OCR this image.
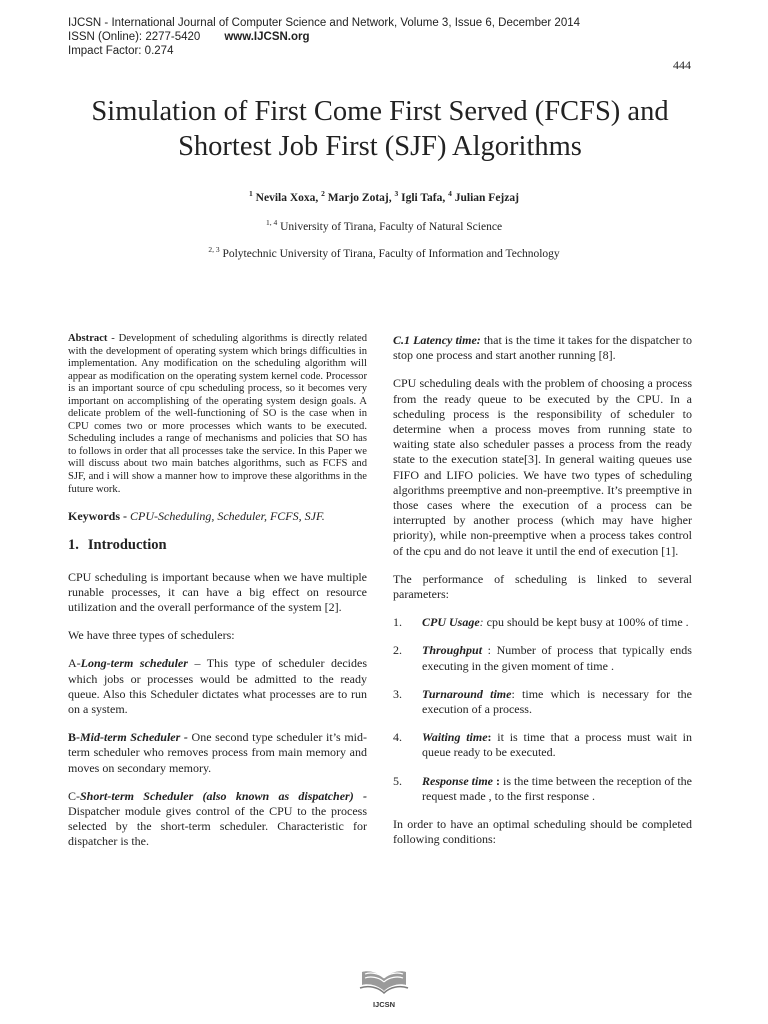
IJCSN - International Journal of Computer Science and Network, Volume 3, Issue 6, December 2014
ISSN (Online): 2277-5420 www.IJCSN.org
Impact Factor: 0.274
444
Simulation of First Come First Served (FCFS) and
Shortest Job First (SJF) Algorithms
$^1$ Nevila Xoxa, $^2$ Marjo Zotaj, $^3$ Igli Tafa, $^4$ Julian Fejzaj
$^{1, 4}$ University of Tirana, Faculty of Natural Science
$^{2, 3}$ Polytechnic University of Tirana, Faculty of Information and Technology

Abstract - Development of scheduling algorithms is directly related with the development of operating system which brings difficulties in implementation. Any modification on the scheduling algorithm will appear as modification on the operating system kernel code. Processor is an important source of cpu scheduling process, so it becomes very important on accomplishing of the operating system design goals. A delicate problem of the well-functioning of SO is the case when in CPU comes two or more processes which wants to be executed. Scheduling includes a range of mechanisms and policies that SO has to follows in order that all processes take the service. In this Paper we will discuss about two main batches algorithms, such as FCFS and SJF, and i will show a manner how to improve these algorithms in the future work.

Keywords - CPU-Scheduling, Scheduler, FCFS, SJF.

1. Introduction

CPU scheduling is important because when we have multiple runable processes, it can have a big effect on resource utilization and the overall performance of the system [2].

We have three types of schedulers:

A-Long-term scheduler – This type of scheduler decides which jobs or processes would be admitted to the ready queue. Also this Scheduler dictates what processes are to run on a system.

B-Mid-term Scheduler - One second type scheduler it’s mid-term scheduler who removes process from main memory and moves on secondary memory.

C-Short-term Scheduler (also known as dispatcher) - Dispatcher module gives control of the CPU to the process selected by the short-term scheduler. Characteristic for dispatcher is the.

C.1 Latency time: that is the time it takes for the dispatcher to stop one process and start another running [8].

CPU scheduling deals with the problem of choosing a process from the ready queue to be executed by the CPU. In a scheduling process is the responsibility of scheduler to determine when a process moves from running state to waiting state also scheduler passes a process from the ready state to the execution state[3]. In general waiting queues use FIFO and LIFO policies. We have two types of scheduling algorithms preemptive and non-preemptive. It’s preemptive in those cases where the execution of a process can be interrupted by another process (which may have higher priority), while non-preemptive when a process takes control of the cpu and do not leave it until the end of execution [1].

The performance of scheduling is linked to several parameters:

1.	CPU Usage: cpu should be kept busy at 100% of time .
2.	Throughput : Number of process that typically ends executing in the given moment of time .
3.	Turnaround time: time which is necessary for the execution of a process.
4.	Waiting time: it is time that a process must wait in queue ready to be executed.
5.	Response time : is the time between the reception of the request made , to the first response .

In order to have an optimal scheduling should be completed following conditions:

IJCSN
